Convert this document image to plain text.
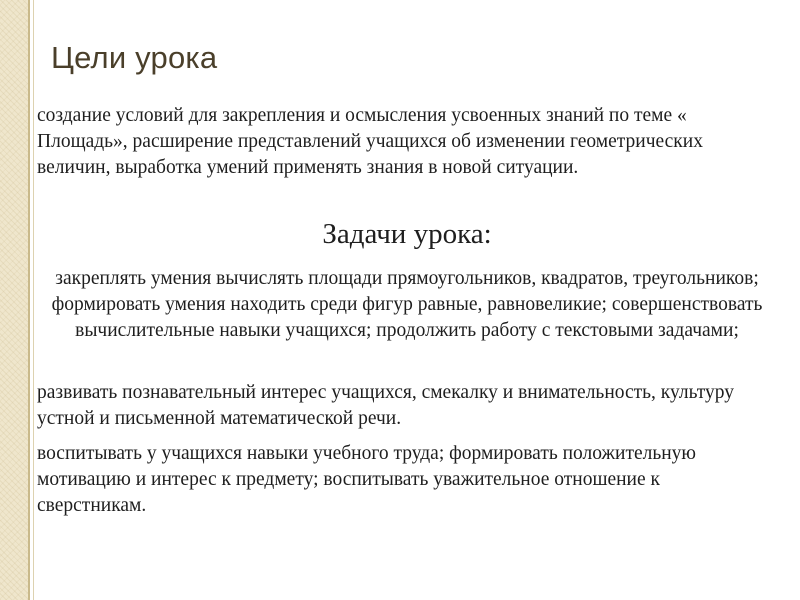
Цели урока

создание условий для закрепления и осмысления усвоенных знаний по теме « Площадь», расширение представлений учащихся об изменении геометрических величин, выработка умений применять знания в новой ситуации.

Задачи урока:

закреплять умения вычислять площади прямоугольников, квадратов, треугольников; формировать умения находить среди фигур равные, равновеликие; совершенствовать вычислительные навыки учащихся; продолжить работу с текстовыми задачами;

развивать познавательный интерес учащихся, смекалку и внимательность, культуру устной и письменной математической речи.

воспитывать у учащихся навыки учебного труда; формировать положительную мотивацию и интерес к предмету; воспитывать уважительное отношение к сверстникам.
